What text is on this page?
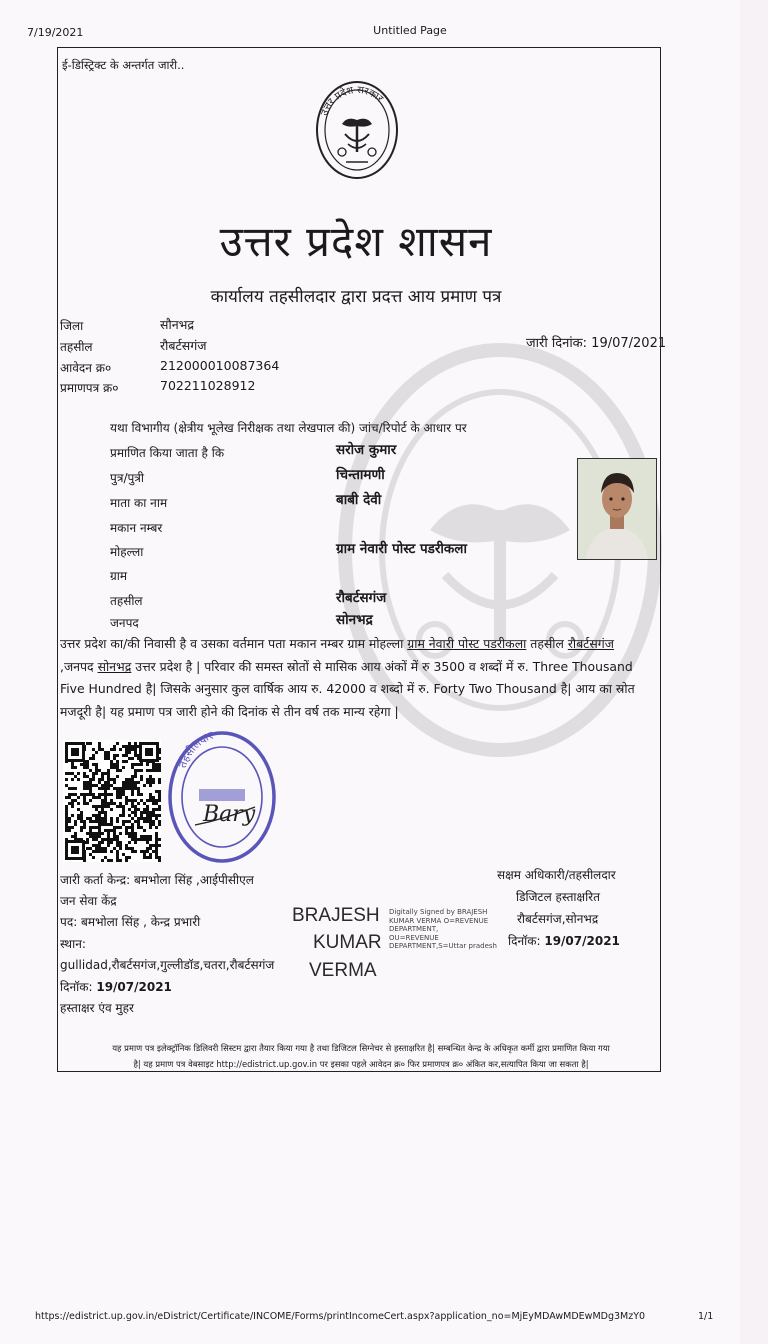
7/19/2021	Untitled Page
ई-डिस्ट्रिक्ट के अन्तर्गत जारी..
उत्तर प्रदेश सरकार
उत्तर प्रदेश शासन
कार्यालय तहसीलदार द्वारा प्रदत्त आय प्रमाण पत्र
जिला	सौनभद्र
तहसील	रौबर्टसगंज
आवेदन क्र०	212000010087364
प्रमाणपत्र क्र०	702211028912
जारी दिनांक: 19/07/2021
यथा विभागीय (क्षेत्रीय भूलेख निरीक्षक तथा लेखपाल की) जांच/रिपोर्ट के आधार पर
प्रमाणित किया जाता है कि	सरोज कुमार
पुत्र/पुत्री	चिन्तामणी
माता का नाम	बाबी देवी
मकान नम्बर
मोहल्ला	ग्राम नेवारी पोस्ट पडरीकला
ग्राम
तहसील	रौबर्टसगंज
जनपद	सोनभद्र
उत्तर प्रदेश का/की निवासी है व उसका वर्तमान पता मकान नम्बर ग्राम मोहल्ला ग्राम नेवारी पोस्ट पडरीकला तहसील रौबर्टसगंज ,जनपद सोनभद्र उत्तर प्रदेश है | परिवार की समस्त स्रोतों से मासिक आय अंकों में रु 3500 व शब्दों में रु. Three Thousand Five Hundred है| जिसके अनुसार कुल वार्षिक आय रु. 42000 व शब्दो में रु. Forty Two Thousand है| आय का स्रोत मजदूरी है| यह प्रमाण पत्र जारी होने की दिनांक से तीन वर्ष तक मान्य रहेगा |
तहसीलदार
Bary
जारी कर्ता केन्द्र: बमभोला सिंह ,आईपीसीएल
जन सेवा केंद्र
पद: बमभोला सिंह , केन्द्र प्रभारी
स्थान:
gullidad,रौबर्टसगंज,गुल्लीडॉड,चतरा,रौबर्टसगंज
दिनॉक: 19/07/2021
हस्ताक्षर एंव मुहर
BRAJESH
KUMAR
VERMA
Digitally Signed by BRAJESH KUMAR VERMA O=REVENUE DEPARTMENT,
OU=REVENUE DEPARTMENT,S=Uttar pradesh
सक्षम अधिकारी/तहसीलदार
डिजिटल हस्ताक्षरित
रौबर्टसगंज,सोनभद्र
दिनॉक: 19/07/2021
यह प्रमाण पत्र इलेक्ट्रॉनिक डिलिवरी सिस्टम द्वारा तैयार किया गया है तथा डिजिटल सिग्नेचर से हस्ताक्षरित है| सम्बन्धित केन्द्र के अधिकृत कर्मी द्वारा प्रमाणित किया गया
है| यह प्रमाण पत्र वेबसाइट http://edistrict.up.gov.in पर इसका पहले आवेदन क्र० फिर प्रमाणपत्र क्र० अंकित कर,सत्यापित किया जा सकता है|
https://edistrict.up.gov.in/eDistrict/Certificate/INCOME/Forms/printIncomeCert.aspx?application_no=MjEyMDAwMDEwMDg3MzY0	1/1
